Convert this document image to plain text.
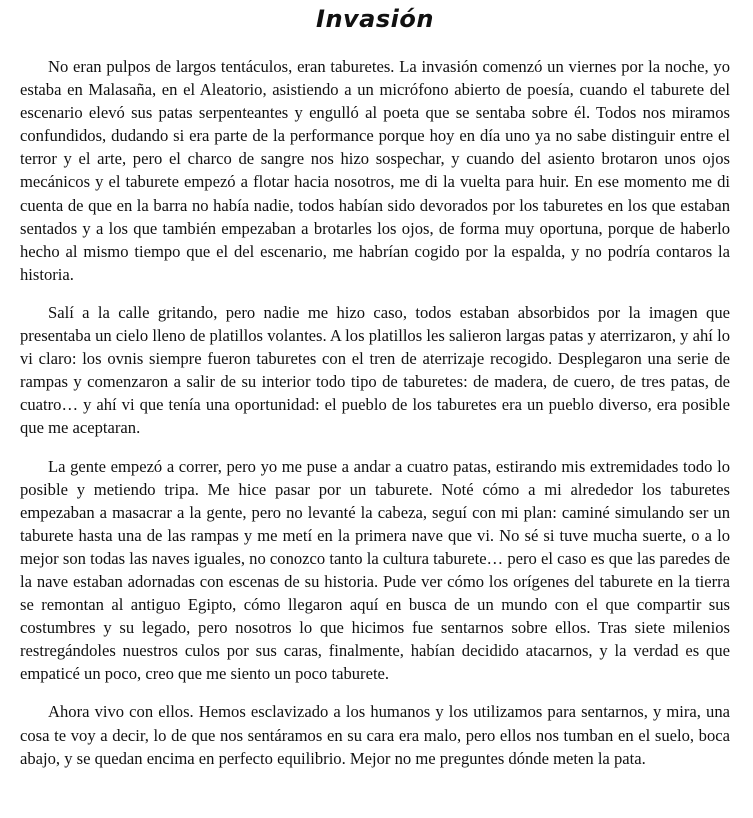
Invasión

No eran pulpos de largos tentáculos, eran taburetes. La invasión comenzó un viernes por la noche, yo estaba en Malasaña, en el Aleatorio, asistiendo a un micrófono abierto de poesía, cuando el taburete del escenario elevó sus patas serpenteantes y engulló al poeta que se sentaba sobre él. Todos nos miramos confundidos, dudando si era parte de la performance porque hoy en día uno ya no sabe distinguir entre el terror y el arte, pero el charco de sangre nos hizo sospechar, y cuando del asiento brotaron unos ojos mecánicos y el taburete empezó a flotar hacia nosotros, me di la vuelta para huir. En ese momento me di cuenta de que en la barra no había nadie, todos habían sido devorados por los taburetes en los que estaban sentados y a los que también empezaban a brotarles los ojos, de forma muy oportuna, porque de haberlo hecho al mismo tiempo que el del escenario, me habrían cogido por la espalda, y no podría contaros la historia.

Salí a la calle gritando, pero nadie me hizo caso, todos estaban absorbidos por la imagen que presentaba un cielo lleno de platillos volantes. A los platillos les salieron largas patas y aterrizaron, y ahí lo vi claro: los ovnis siempre fueron taburetes con el tren de aterrizaje recogido. Desplegaron una serie de rampas y comenzaron a salir de su interior todo tipo de taburetes: de madera, de cuero, de tres patas, de cuatro… y ahí vi que tenía una oportunidad: el pueblo de los taburetes era un pueblo diverso, era posible que me aceptaran.

La gente empezó a correr, pero yo me puse a andar a cuatro patas, estirando mis extremidades todo lo posible y metiendo tripa. Me hice pasar por un taburete. Noté cómo a mi alrededor los taburetes empezaban a masacrar a la gente, pero no levanté la cabeza, seguí con mi plan: caminé simulando ser un taburete hasta una de las rampas y me metí en la primera nave que vi. No sé si tuve mucha suerte, o a lo mejor son todas las naves iguales, no conozco tanto la cultura taburete… pero el caso es que las paredes de la nave estaban adornadas con escenas de su historia. Pude ver cómo los orígenes del taburete en la tierra se remontan al antiguo Egipto, cómo llegaron aquí en busca de un mundo con el que compartir sus costumbres y su legado, pero nosotros lo que hicimos fue sentarnos sobre ellos. Tras siete milenios restregándoles nuestros culos por sus caras, finalmente, habían decidido atacarnos, y la verdad es que empaticé un poco, creo que me siento un poco taburete.

Ahora vivo con ellos. Hemos esclavizado a los humanos y los utilizamos para sentarnos, y mira, una cosa te voy a decir, lo de que nos sentáramos en su cara era malo, pero ellos nos tumban en el suelo, boca abajo, y se quedan encima en perfecto equilibrio. Mejor no me preguntes dónde meten la pata.
